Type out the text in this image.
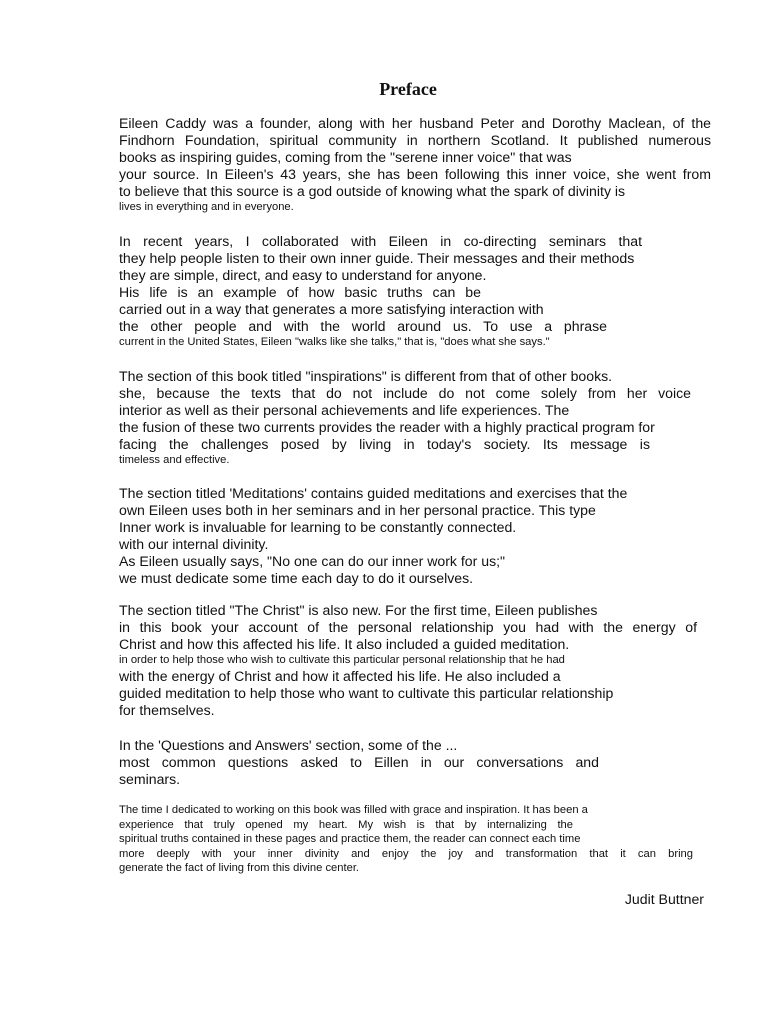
Preface
Eileen Caddy was a founder, along with her husband Peter and Dorothy Maclean, of the
Findhorn Foundation, spiritual community in northern Scotland. It published numerous
books as inspiring guides, coming from the "serene inner voice" that was
your source. In Eileen's 43 years, she has been following this inner voice, she went from
to believe that this source is a god outside of knowing what the spark of divinity is
lives in everything and in everyone.
In recent years, I collaborated with Eileen in co-directing seminars that
they help people listen to their own inner guide. Their messages and their methods
they are simple, direct, and easy to understand for anyone.
His life is an example of how basic truths can be
carried out in a way that generates a more satisfying interaction with
the other people and with the world around us. To use a phrase
current in the United States, Eileen "walks like she talks," that is, "does what she says."
The section of this book titled "inspirations" is different from that of other books.
she, because the texts that do not include do not come solely from her voice
interior as well as their personal achievements and life experiences. The
the fusion of these two currents provides the reader with a highly practical program for
facing the challenges posed by living in today's society. Its message is
timeless and effective.
The section titled 'Meditations' contains guided meditations and exercises that the
own Eileen uses both in her seminars and in her personal practice. This type
Inner work is invaluable for learning to be constantly connected.
with our internal divinity.
As Eileen usually says, "No one can do our inner work for us;"
we must dedicate some time each day to do it ourselves.
The section titled "The Christ" is also new. For the first time, Eileen publishes
in this book your account of the personal relationship you had with the energy of
Christ and how this affected his life. It also included a guided meditation.
in order to help those who wish to cultivate this particular personal relationship that he had
with the energy of Christ and how it affected his life. He also included a
guided meditation to help those who want to cultivate this particular relationship
for themselves.
In the 'Questions and Answers' section, some of the ...
most common questions asked to Eillen in our conversations and
seminars.
The time I dedicated to working on this book was filled with grace and inspiration. It has been a
experience that truly opened my heart. My wish is that by internalizing the
spiritual truths contained in these pages and practice them, the reader can connect each time
more deeply with your inner divinity and enjoy the joy and transformation that it can bring
generate the fact of living from this divine center.
Judit Buttner
